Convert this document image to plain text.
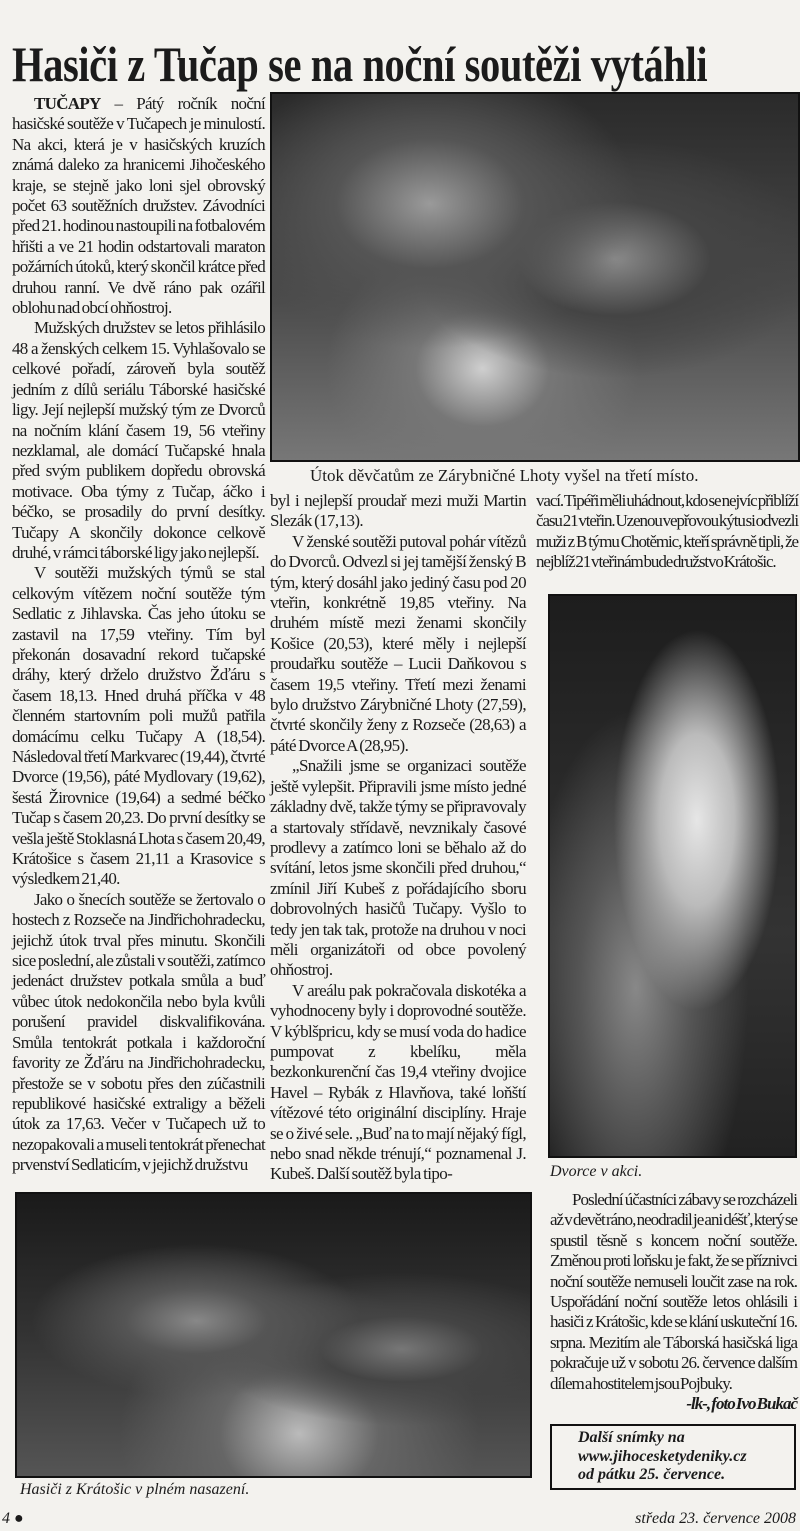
Hasiči z Tučap se na noční soutěži vytáhli

TUČAPY – Pátý ročník noční hasičské soutěže v Tučapech je minulostí. Na akci, která je v hasičských kruzích známá daleko za hranicemi Jihočeského kraje, se stejně jako loni sjel obrovský počet 63 soutěžních družstev. Závodníci před 21. hodinou nastoupili na fotbalovém hřišti a ve 21 hodin odstartovali maraton požárních útoků, který skončil krátce před druhou ranní. Ve dvě ráno pak ozářil oblohu nad obcí ohňostroj.

Mužských družstev se letos přihlásilo 48 a ženských celkem 15. Vyhlašovalo se celkové pořadí, zároveň byla soutěž jedním z dílů seriálu Táborské hasičské ligy. Její nejlepší mužský tým ze Dvorců na nočním klání časem 19, 56 vteřiny nezklamal, ale domácí Tučapské hnala před svým publikem dopředu obrovská motivace. Oba týmy z Tučap, áčko i béčko, se prosadily do první desítky. Tučapy A skončily dokonce celkově druhé, v rámci táborské ligy jako nejlepší.

V soutěži mužských týmů se stal celkovým vítězem noční soutěže tým Sedlatic z Jihlavska. Čas jeho útoku se zastavil na 17,59 vteřiny. Tím byl překonán dosavadní rekord tučapské dráhy, který drželo družstvo Žďáru s časem 18,13. Hned druhá příčka v 48 členném startovním poli mužů patřila domácímu celku Tučapy A (18,54). Následoval třetí Markvarec (19,44), čtvrté Dvorce (19,56), páté Mydlovary (19,62), šestá Žirovnice (19,64) a sedmé béčko Tučap s časem 20,23. Do první desítky se vešla ještě Stoklasná Lhota s časem 20,49, Krátošice s časem 21,11 a Krasovice s výsledkem 21,40.

Jako o šnecích soutěže se žertovalo o hostech z Rozseče na Jindřichohradecku, jejichž útok trval přes minutu. Skončili sice poslední, ale zůstali v soutěži, zatímco jedenáct družstev potkala smůla a buď vůbec útok nedokončila nebo byla kvůli porušení pravidel diskvalifikována. Smůla tentokrát potkala i každoroční favority ze Žďáru na Jindřichohradecku, přestože se v sobotu přes den zúčastnili republikové hasičské extraligy a běželi útok za 17,63. Večer v Tučapech už to nezopakovali a museli tentokrát přenechat prvenství Sedlaticím, v jejichž družstvu

Útok děvčatům ze Zárybničné Lhoty vyšel na třetí místo.

byl i nejlepší proudař mezi muži Martin Slezák (17,13).

V ženské soutěži putoval pohár vítězů do Dvorců. Odvezl si jej tamější ženský B tým, který dosáhl jako jediný času pod 20 vteřin, konkrétně 19,85 vteřiny. Na druhém místě mezi ženami skončily Košice (20,53), které měly i nejlepší proudařku soutěže – Lucii Daňkovou s časem 19,5 vteřiny. Třetí mezi ženami bylo družstvo Zárybničné Lhoty (27,59), čtvrté skončily ženy z Rozseče (28,63) a páté Dvorce A (28,95).

„Snažili jsme se organizaci soutěže ještě vylepšit. Připravili jsme místo jedné základny dvě, takže týmy se připravovaly a startovaly střídavě, nevznikaly časové prodlevy a zatímco loni se běhalo až do svítání, letos jsme skončili před druhou,“ zmínil Jiří Kubeš z pořádajícího sboru dobrovolných hasičů Tučapy. Vyšlo to tedy jen tak tak, protože na druhou v noci měli organizátoři od obce povolený ohňostroj.

V areálu pak pokračovala diskotéka a vyhodnoceny byly i doprovodné soutěže. V kýblšpricu, kdy se musí voda do hadice pumpovat z kbelíku, měla bezkonkurenční čas 19,4 vteřiny dvojice Havel – Rybák z Hlavňova, také loňští vítězové této originální disciplíny. Hraje se o živé sele. „Buď na to mají nějaký fígl, nebo snad někde trénují,“ poznamenal J. Kubeš. Další soutěž byla tipo-

vací. Tipéři měli uhádnout, kdo se nejvíc přiblíží času 21 vteřin. Uzenou vepřovou kýtu si odvezli muži z B týmu Chotěmic, kteří správně tipli, že nejblíž 21 vteřinám bude družstvo Krátošic.

Dvorce v akci.

Poslední účastníci zábavy se rozcházeli až v devět ráno, neodradil je ani déšť, který se spustil těsně s koncem noční soutěže. Změnou proti loňsku je fakt, že se příznivci noční soutěže nemuseli loučit zase na rok. Uspořádání noční soutěže letos ohlásili i hasiči z Krátošic, kde se klání uskuteční 16. srpna. Mezitím ale Táborská hasičská liga pokračuje už v sobotu 26. července dalším dílem a hostitelem jsou Pojbuky.

-lk-, foto Ivo Bukač
Další snímky na
www.jihocesketydeniky.cz
od pátku 25. července.
Hasiči z Krátošic v plném nasazení.
4 ●	středa 23. července 2008
